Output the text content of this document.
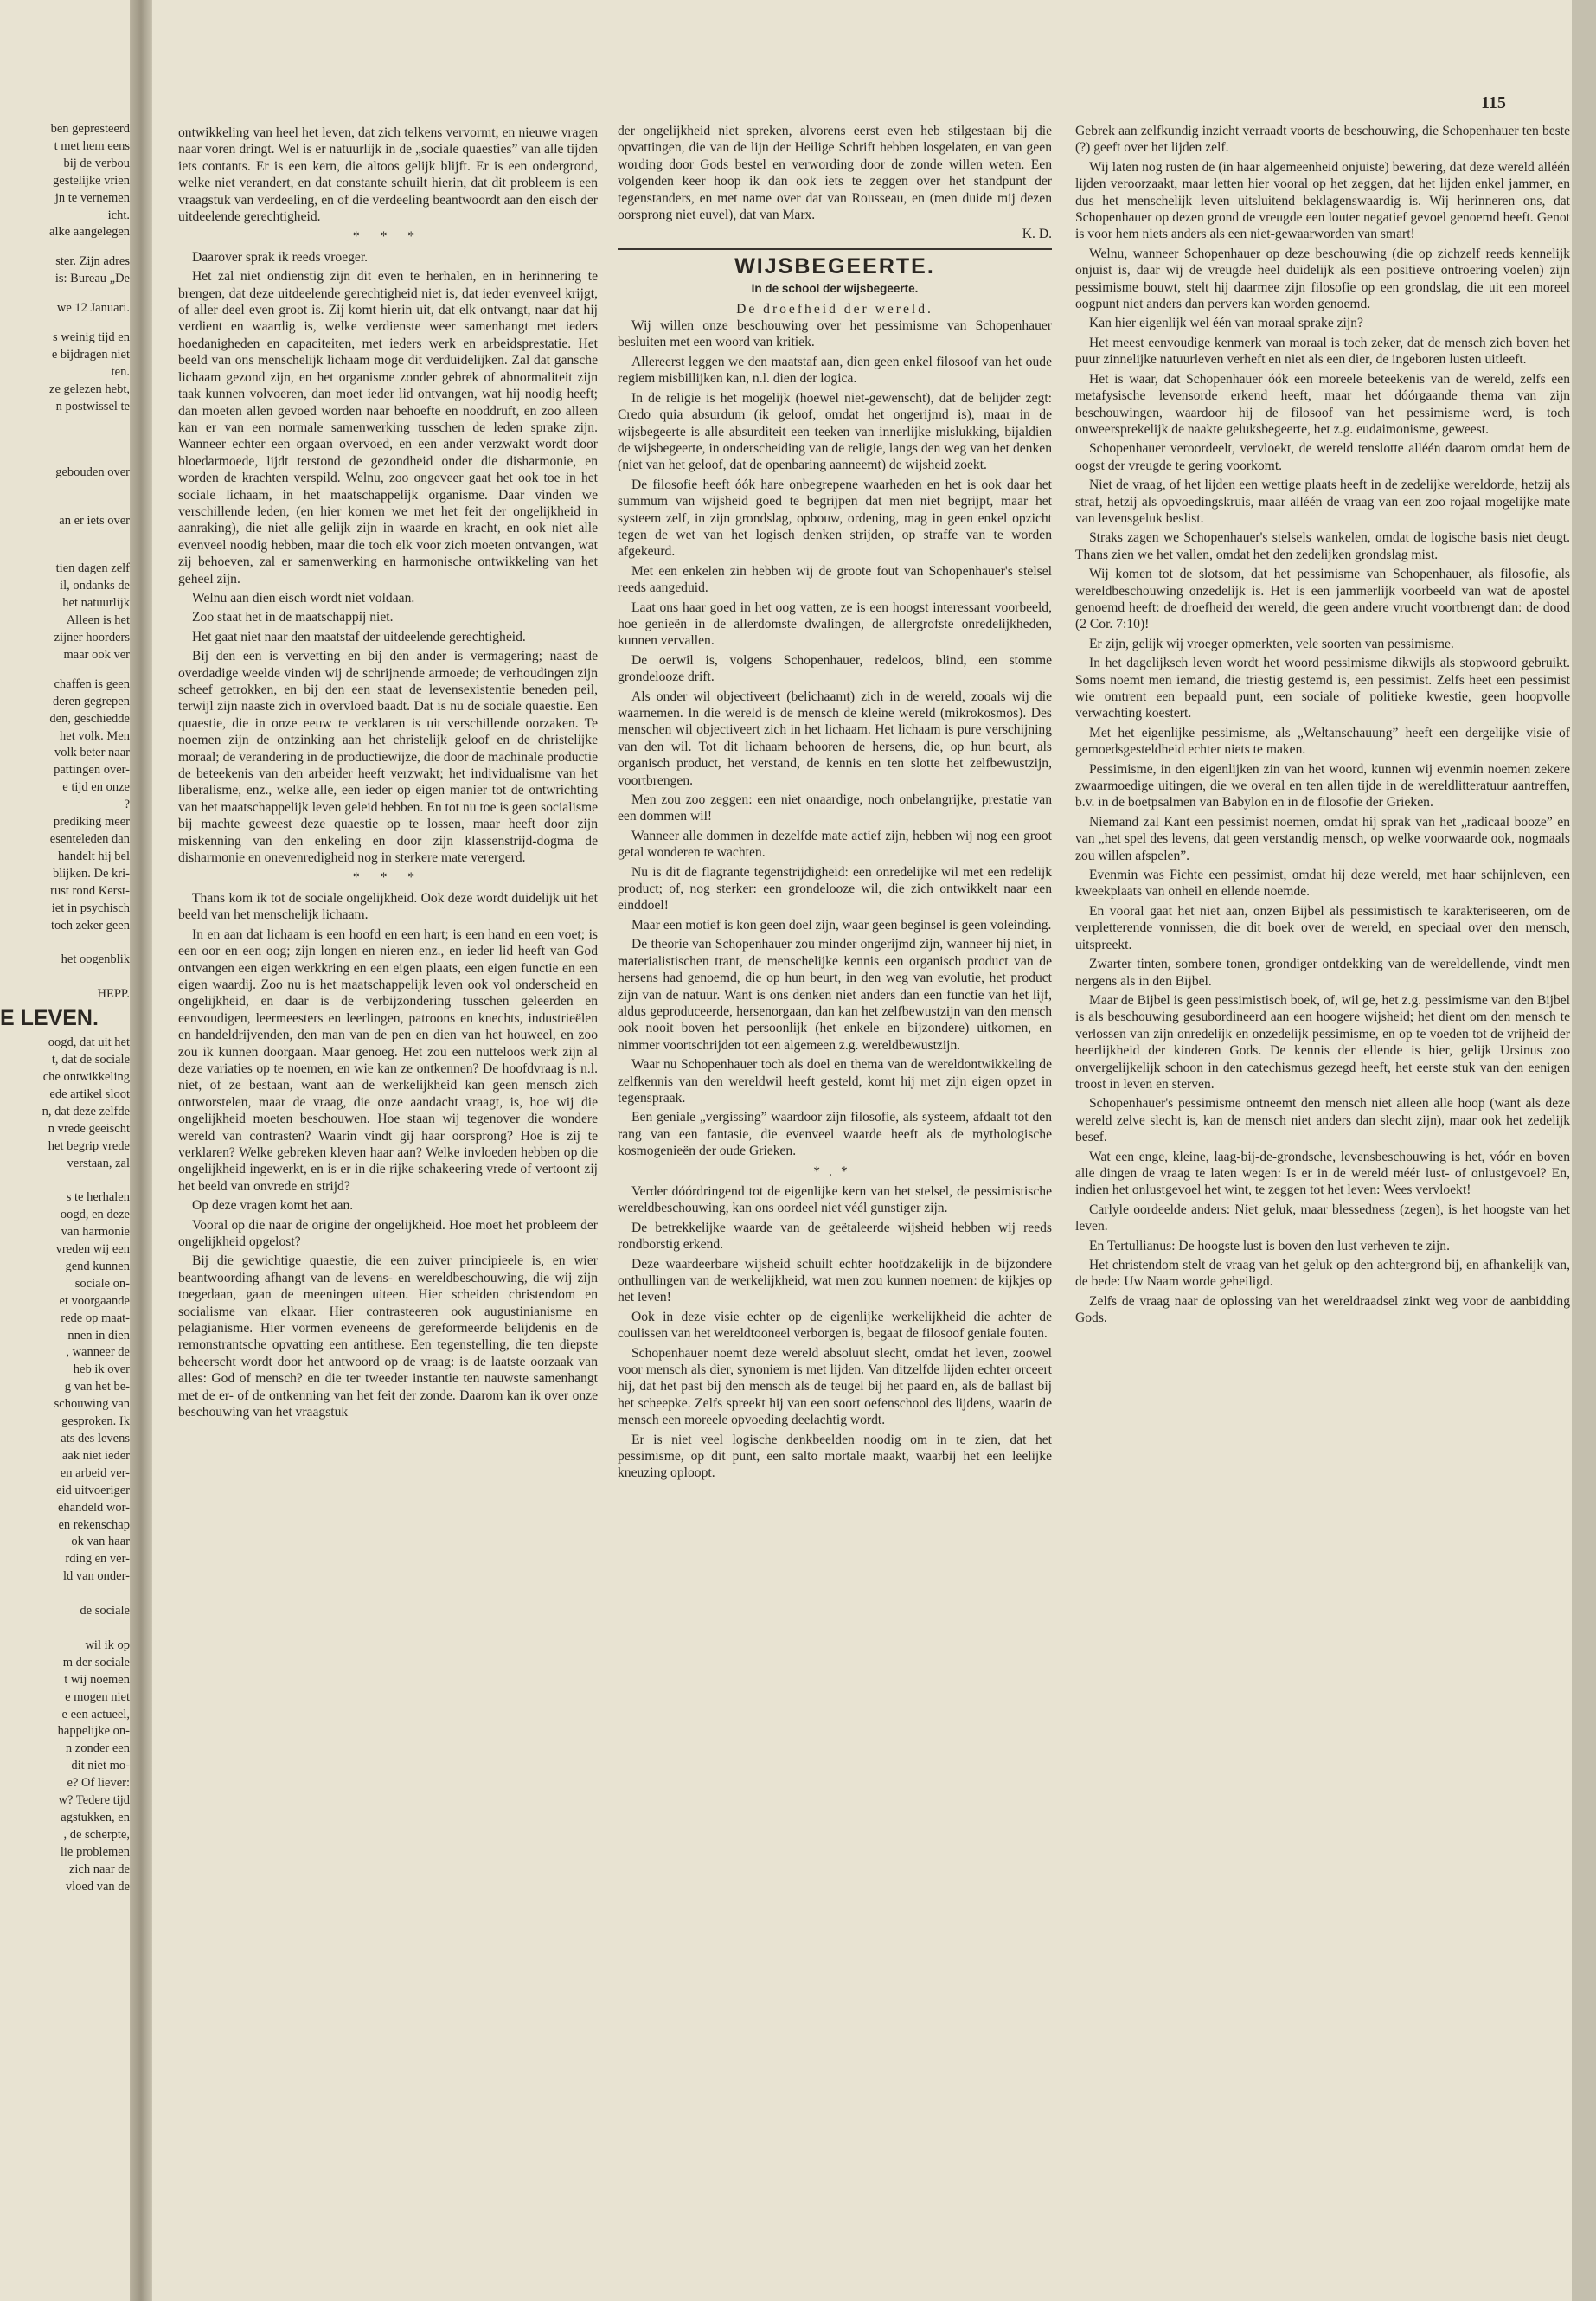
115
ben gepresteerd
t met hem eens
bij de verbou
gestelijke vrien
jn te vernemen
icht.
alke aangelegen
ster. Zijn adres
is: Bureau „De
we 12 Januari.
s weinig tijd en
e bijdragen niet
ten.
ze gelezen hebt,
n postwissel te
gebouden over
an er iets over
tien dagen zelf
il, ondanks de
het natuurlijk
Alleen is het
zijner hoorders
maar ook ver
chaffen is geen
deren gegrepen
den, geschiedde
het volk. Men
volk beter naar
pattingen over-
e tijd en onze
?
prediking meer
esenteleden dan
handelt hij bel
blijken. De kri-
rust rond Kerst-
iet in psychisch
toch zeker geen
het oogenblik
HEPP.
E LEVEN.
oogd, dat uit het
t, dat de sociale
che ontwikkeling
ede artikel sloot
n, dat deze zelfde
n vrede geeischt
het begrip vrede
verstaan, zal

s te herhalen
oogd, en deze
van harmonie
vreden wij een
gend kunnen
sociale on-
et voorgaande
rede op maat-
nnen in dien
, wanneer de
heb ik over
g van het be-
schouwing van
gesproken. Ik
ats des levens
aak niet ieder
en arbeid ver-
eid uitvoeriger
ehandeld wor-
en rekenschap
ok van haar
rding en ver-
ld van onder-

de sociale

wil ik op
m der sociale
t wij noemen
e mogen niet
e een actueel,
happelijke on-
n zonder een
dit niet mo-
e? Of liever:
w? Tedere tijd
agstukken, en
, de scherpte,
lie problemen
zich naar de
vloed van de

ontwikkeling van heel het leven, dat zich telkens vervormt, en nieuwe vragen naar voren dringt. Wel is er natuurlijk in de „sociale quaesties” van alle tijden iets contants. Er is een kern, die altoos gelijk blijft. Er is een ondergrond, welke niet verandert, en dat constante schuilt hierin, dat dit probleem is een vraagstuk van verdeeling, en of die verdeeling beantwoordt aan den eisch der uitdeelende gerechtigheid.

* * *

Daarover sprak ik reeds vroeger.

Het zal niet ondienstig zijn dit even te herhalen, en in herinnering te brengen, dat deze uitdeelende gerechtigheid niet is, dat ieder evenveel krijgt, of aller deel even groot is. Zij komt hierin uit, dat elk ontvangt, naar dat hij verdient en waardig is, welke verdienste weer samenhangt met ieders hoedanigheden en capaciteiten, met ieders werk en arbeidsprestatie. Het beeld van ons menschelijk lichaam moge dit verduidelijken. Zal dat gansche lichaam gezond zijn, en het organisme zonder gebrek of abnormaliteit zijn taak kunnen volvoeren, dan moet ieder lid ontvangen, wat hij noodig heeft; dan moeten allen gevoed worden naar behoefte en nooddruft, en zoo alleen kan er van een normale samenwerking tusschen de leden sprake zijn. Wanneer echter een orgaan overvoed, en een ander verzwakt wordt door bloedarmoede, lijdt terstond de gezondheid onder die disharmonie, en worden de krachten verspild. Welnu, zoo ongeveer gaat het ook toe in het sociale lichaam, in het maatschappelijk organisme. Daar vinden we verschillende leden, (en hier komen we met het feit der ongelijkheid in aanraking), die niet alle gelijk zijn in waarde en kracht, en ook niet alle evenveel noodig hebben, maar die toch elk voor zich moeten ontvangen, wat zij behoeven, zal er samenwerking en harmonische ontwikkeling van het geheel zijn.

Welnu aan dien eisch wordt niet voldaan.

Zoo staat het in de maatschappij niet.

Het gaat niet naar den maatstaf der uitdeelende gerechtigheid.

Bij den een is vervetting en bij den ander is vermagering; naast de overdadige weelde vinden wij de schrijnende armoede; de verhoudingen zijn scheef getrokken, en bij den een staat de levensexistentie beneden peil, terwijl zijn naaste zich in overvloed baadt. Dat is nu de sociale quaestie. Een quaestie, die in onze eeuw te verklaren is uit verschillende oorzaken. Te noemen zijn de ontzinking aan het christelijk geloof en de christelijke moraal; de verandering in de productiewijze, die door de machinale productie de beteekenis van den arbeider heeft verzwakt; het individualisme van het liberalisme, enz., welke alle, een ieder op eigen manier tot de ontwrichting van het maatschappelijk leven geleid hebben. En tot nu toe is geen socialisme bij machte geweest deze quaestie op te lossen, maar heeft door zijn miskenning van den enkeling en door zijn klassenstrijd-dogma de disharmonie en onevenredigheid nog in sterkere mate verergerd.

* * *

Thans kom ik tot de sociale ongelijkheid. Ook deze wordt duidelijk uit het beeld van het menschelijk lichaam.

In en aan dat lichaam is een hoofd en een hart; is een hand en een voet; is een oor en een oog; zijn longen en nieren enz., en ieder lid heeft van God ontvangen een eigen werkkring en een eigen plaats, een eigen functie en een eigen waardij. Zoo nu is het maatschappelijk leven ook vol onderscheid en ongelijkheid, en daar is de verbijzondering tusschen geleerden en eenvoudigen, leermeesters en leerlingen, patroons en knechts, industrieëlen en handeldrijvenden, den man van de pen en dien van het houweel, en zoo zou ik kunnen doorgaan. Maar genoeg. Het zou een nutteloos werk zijn al deze variaties op te noemen, en wie kan ze ontkennen? De hoofdvraag is n.l. niet, of ze bestaan, want aan de werkelijkheid kan geen mensch zich ontworstelen, maar de vraag, die onze aandacht vraagt, is, hoe wij die ongelijkheid moeten beschouwen. Hoe staan wij tegenover die wondere wereld van contrasten? Waarin vindt gij haar oorsprong? Hoe is zij te verklaren? Welke gebreken kleven haar aan? Welke invloeden hebben op die ongelijkheid ingewerkt, en is er in die rijke schakeering vrede of vertoont zij het beeld van onvrede en strijd?

Op deze vragen komt het aan.

Vooral op die naar de origine der ongelijkheid. Hoe moet het probleem der ongelijkheid opgelost?

Bij die gewichtige quaestie, die een zuiver principieele is, en wier beantwoording afhangt van de levens- en wereldbeschouwing, die wij zijn toegedaan, gaan de meeningen uiteen. Hier scheiden christendom en socialisme van elkaar. Hier contrasteeren ook augustinianisme en pelagianisme. Hier vormen eveneens de gereformeerde belijdenis en de remonstrantsche opvatting een antithese. Een tegenstelling, die ten diepste beheerscht wordt door het antwoord op de vraag: is de laatste oorzaak van alles: God of mensch? en die ter tweeder instantie ten nauwste samenhangt met de er- of de ontkenning van het feit der zonde. Daarom kan ik over onze beschouwing van het vraagstuk

der ongelijkheid niet spreken, alvorens eerst even heb stilgestaan bij die opvattingen, die van de lijn der Heilige Schrift hebben losgelaten, en van geen wording door Gods bestel en verwording door de zonde willen weten. Een volgenden keer hoop ik dan ook iets te zeggen over het standpunt der tegenstanders, en met name over dat van Rousseau, en (men duide mij dezen oorsprong niet euvel), dat van Marx.

K. D.
WIJSBEGEERTE.
In de school der wijsbegeerte.
De droefheid der wereld.

Wij willen onze beschouwing over het pessimisme van Schopenhauer besluiten met een woord van kritiek.

Allereerst leggen we den maatstaf aan, dien geen enkel filosoof van het oude regiem misbillijken kan, n.l. dien der logica.

In de religie is het mogelijk (hoewel niet-gewenscht), dat de belijder zegt: Credo quia absurdum (ik geloof, omdat het ongerijmd is), maar in de wijsbegeerte is alle absurditeit een teeken van innerlijke mislukking, bijaldien de wijsbegeerte, in onderscheiding van de religie, langs den weg van het denken (niet van het geloof, dat de openbaring aanneemt) de wijsheid zoekt.

De filosofie heeft óók hare onbegrepene waarheden en het is ook daar het summum van wijsheid goed te begrijpen dat men niet begrijpt, maar het systeem zelf, in zijn grondslag, opbouw, ordening, mag in geen enkel opzicht tegen de wet van het logisch denken strijden, op straffe van te worden afgekeurd.

Met een enkelen zin hebben wij de groote fout van Schopenhauer's stelsel reeds aangeduid.

Laat ons haar goed in het oog vatten, ze is een hoogst interessant voorbeeld, hoe genieën in de allerdomste dwalingen, de allergrofste onredelijkheden, kunnen vervallen.

De oerwil is, volgens Schopenhauer, redeloos, blind, een stomme grondelooze drift.

Als onder wil objectiveert (belichaamt) zich in de wereld, zooals wij die waarnemen. In die wereld is de mensch de kleine wereld (mikrokosmos). Des menschen wil objectiveert zich in het lichaam. Het lichaam is pure verschijning van den wil. Tot dit lichaam behooren de hersens, die, op hun beurt, als organisch product, het verstand, de kennis en ten slotte het zelfbewustzijn, voortbrengen.

Men zou zoo zeggen: een niet onaardige, noch onbelangrijke, prestatie van een dommen wil!

Wanneer alle dommen in dezelfde mate actief zijn, hebben wij nog een groot getal wonderen te wachten.

Nu is dit de flagrante tegenstrijdigheid: een onredelijke wil met een redelijk product; of, nog sterker: een grondelooze wil, die zich ontwikkelt naar een einddoel!

Maar een motief is kon geen doel zijn, waar geen beginsel is geen voleinding.

De theorie van Schopenhauer zou minder ongerijmd zijn, wanneer hij niet, in materialistischen trant, de menschelijke kennis een organisch product van de hersens had genoemd, die op hun beurt, in den weg van evolutie, het product zijn van de natuur. Want is ons denken niet anders dan een functie van het lijf, aldus geproduceerde, hersenorgaan, dan kan het zelfbewustzijn van den mensch ook nooit boven het persoonlijk (het enkele en bijzondere) uitkomen, en nimmer voortschrijden tot een algemeen z.g. wereldbewustzijn.

Waar nu Schopenhauer toch als doel en thema van de wereldontwikkeling de zelfkennis van den wereldwil heeft gesteld, komt hij met zijn eigen opzet in tegenspraak.

Een geniale „vergissing” waardoor zijn filosofie, als systeem, afdaalt tot den rang van een fantasie, die evenveel waarde heeft als de mythologische kosmogenieën der oude Grieken.

*.*

Verder dóórdringend tot de eigenlijke kern van het stelsel, de pessimistische wereldbeschouwing, kan ons oordeel niet véél gunstiger zijn.

De betrekkelijke waarde van de geëtaleerde wijsheid hebben wij reeds rondborstig erkend.

Deze waardeerbare wijsheid schuilt echter hoofdzakelijk in de bijzondere onthullingen van de werkelijkheid, wat men zou kunnen noemen: de kijkjes op het leven!

Ook in deze visie echter op de eigenlijke werkelijkheid die achter de coulissen van het wereldtooneel verborgen is, begaat de filosoof geniale fouten.

Schopenhauer noemt deze wereld absoluut slecht, omdat het leven, zoowel voor mensch als dier, synoniem is met lijden. Van ditzelfde lijden echter orceert hij, dat het past bij den mensch als de teugel bij het paard en, als de ballast bij het scheepke. Zelfs spreekt hij van een soort oefenschool des lijdens, waarin de mensch een moreele opvoeding deelachtig wordt.

Er is niet veel logische denkbeelden noodig om in te zien, dat het pessimisme, op dit punt, een salto mortale maakt, waarbij het een leelijke kneuzing oploopt.

Gebrek aan zelfkundig inzicht verraadt voorts de beschouwing, die Schopenhauer ten beste (?) geeft over het lijden zelf.

Wij laten nog rusten de (in haar algemeenheid onjuiste) bewering, dat deze wereld alléén lijden veroorzaakt, maar letten hier vooral op het zeggen, dat het lijden enkel jammer, en dus het menschelijk leven uitsluitend beklagenswaardig is. Wij herinneren ons, dat Schopenhauer op dezen grond de vreugde een louter negatief gevoel genoemd heeft. Genot is voor hem niets anders als een niet-gewaarworden van smart!

Welnu, wanneer Schopenhauer op deze beschouwing (die op zichzelf reeds kennelijk onjuist is, daar wij de vreugde heel duidelijk als een positieve ontroering voelen) zijn pessimisme bouwt, stelt hij daarmee zijn filosofie op een grondslag, die uit een moreel oogpunt niet anders dan pervers kan worden genoemd.

Kan hier eigenlijk wel één van moraal sprake zijn?

Het meest eenvoudige kenmerk van moraal is toch zeker, dat de mensch zich boven het puur zinnelijke natuurleven verheft en niet als een dier, de ingeboren lusten uitleeft.

Het is waar, dat Schopenhauer óók een moreele beteekenis van de wereld, zelfs een metafysische levensorde erkend heeft, maar het dóórgaande thema van zijn beschouwingen, waardoor hij de filosoof van het pessimisme werd, is toch onweersprekelijk de naakte geluksbegeerte, het z.g. eudaimonisme, geweest.

Schopenhauer veroordeelt, vervloekt, de wereld tenslotte alléén daarom omdat hem de oogst der vreugde te gering voorkomt.

Niet de vraag, of het lijden een wettige plaats heeft in de zedelijke wereldorde, hetzij als straf, hetzij als opvoedingskruis, maar alléén de vraag van een zoo rojaal mogelijke mate van levensgeluk beslist.

Straks zagen we Schopenhauer's stelsels wankelen, omdat de logische basis niet deugt. Thans zien we het vallen, omdat het den zedelijken grondslag mist.

Wij komen tot de slotsom, dat het pessimisme van Schopenhauer, als filosofie, als wereldbeschouwing onzedelijk is. Het is een jammerlijk voorbeeld van wat de apostel genoemd heeft: de droefheid der wereld, die geen andere vrucht voortbrengt dan: de dood (2 Cor. 7:10)!

Er zijn, gelijk wij vroeger opmerkten, vele soorten van pessimisme.

In het dagelijksch leven wordt het woord pessimisme dikwijls als stopwoord gebruikt. Soms noemt men iemand, die triestig gestemd is, een pessimist. Zelfs heet een pessimist wie omtrent een bepaald punt, een sociale of politieke kwestie, geen hoopvolle verwachting koestert.

Met het eigenlijke pessimisme, als „Weltanschauung” heeft een dergelijke visie of gemoedsgesteldheid echter niets te maken.

Pessimisme, in den eigenlijken zin van het woord, kunnen wij evenmin noemen zekere zwaarmoedige uitingen, die we overal en ten allen tijde in de wereldlitteratuur aantreffen, b.v. in de boetpsalmen van Babylon en in de filosofie der Grieken.

Niemand zal Kant een pessimist noemen, omdat hij sprak van het „radicaal booze” en van „het spel des levens, dat geen verstandig mensch, op welke voorwaarde ook, nogmaals zou willen afspelen”.

Evenmin was Fichte een pessimist, omdat hij deze wereld, met haar schijnleven, een kweekplaats van onheil en ellende noemde.

En vooral gaat het niet aan, onzen Bijbel als pessimistisch te karakteriseeren, om de verpletterende vonnissen, die dit boek over de wereld, en speciaal over den mensch, uitspreekt.

Zwarter tinten, sombere tonen, grondiger ontdekking van de wereldellende, vindt men nergens als in den Bijbel.

Maar de Bijbel is geen pessimistisch boek, of, wil ge, het z.g. pessimisme van den Bijbel is als beschouwing gesubordineerd aan een hoogere wijsheid; het dient om den mensch te verlossen van zijn onredelijk en onzedelijk pessimisme, en op te voeden tot de vrijheid der heerlijkheid der kinderen Gods. De kennis der ellende is hier, gelijk Ursinus zoo onvergelijkelijk schoon in den catechismus gezegd heeft, het eerste stuk van den eenigen troost in leven en sterven.

Schopenhauer's pessimisme ontneemt den mensch niet alleen alle hoop (want als deze wereld zelve slecht is, kan de mensch niet anders dan slecht zijn), maar ook het zedelijk besef.

Wat een enge, kleine, laag-bij-de-grondsche, levensbeschouwing is het, vóór en boven alle dingen de vraag te laten wegen: Is er in de wereld méér lust- of onlustgevoel? En, indien het onlustgevoel het wint, te zeggen tot het leven: Wees vervloekt!

Carlyle oordeelde anders: Niet geluk, maar blessedness (zegen), is het hoogste van het leven.

En Tertullianus: De hoogste lust is boven den lust verheven te zijn.

Het christendom stelt de vraag van het geluk op den achtergrond bij, en afhankelijk van, de bede: Uw Naam worde geheiligd.

Zelfs de vraag naar de oplossing van het wereldraadsel zinkt weg voor de aanbidding Gods.
